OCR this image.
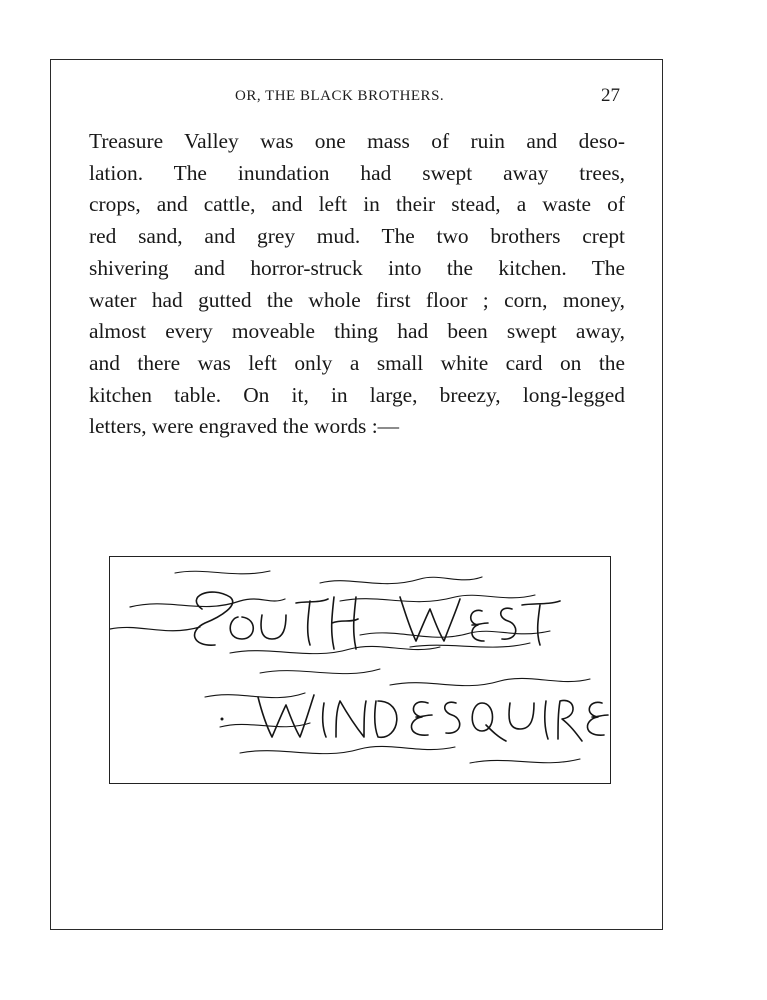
OR, THE BLACK BROTHERS.	27

Treasure Valley was one mass of ruin and deso-
lation. The inundation had swept away trees,
crops, and cattle, and left in their stead, a waste of
red sand, and grey mud. The two brothers crept
shivering and horror-struck into the kitchen. The
water had gutted the whole first floor ; corn, money,
almost every moveable thing had been swept away,
and there was left only a small white card on the
kitchen table. On it, in large, breezy, long-legged
letters, were engraved the words :—
